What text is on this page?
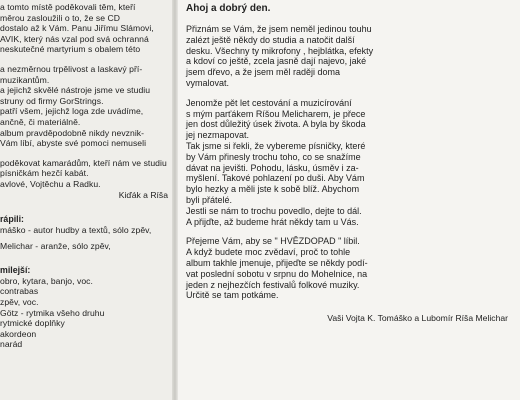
a tomto místě poděkovali těm, kteří
měrou zasloužili o to, že se CD
dostalo až k Vám. Panu Jiřímu Slámovi,
AVIK, který nás vzal pod svá ochranná
neskutečné martyrium s obalem této
a nezměrnou trpělivost a laskavý pří-
muzikantům.
a jejichž skvělé nástroje jsme ve studiu
struny od firmy GorStrings.
patří všem, jejichž loga zde uvádíme,
ančně, či materiálně.
album pravděpodobně nikdy nevznik-
Vám líbí, abyste své pomoci nemuseli
poděkovat kamarádům, kteří nám ve studiu
písničkám hezčí kabát.
avlové, Vojtěchu a Radku.
Kiďák a Ríša
rápili:
máško - autor hudby a textů, sólo zpěv,
Melichar - aranže, sólo zpěv,
milejší:
obro, kytara, banjo, voc.
contrabas
zpěv, voc.
Götz - rytmika všeho druhu
rytmické doplňky
akordeon
narád
Ahoj a dobrý den.
Přiznám se Vám, že jsem neměl jedinou touhu
zalézt ještě někdy do studia a natočit další
desku. Všechny ty mikrofony , hejblátka, efekty
a kdoví co ještě, zcela jasně dají najevo, jaké
jsem dřevo, a že jsem měl raději doma
vymalovat.
Jenomže pět let cestování a muzicírování
s mým parťákem Ríšou Melicharem, je přece
jen dost důležitý úsek života. A byla by škoda
jej nezmapovat.
Tak jsme si řekli, že vybereme písničky, které
by Vám přinesly trochu toho, co se snažíme
dávat na jevišti. Pohodu, lásku, úsměv i za-
myšlení. Takové pohlazení po duši. Aby Vám
bylo hezky a měli jste k sobě blíž. Abychom
byli přátelé.
Jestli se nám to trochu povedlo, dejte to dál.
A přijďte, až budeme hrát někdy tam u Vás.
Přejeme Vám, aby se " HVĚZDOPAD " líbil.
A když budete moc zvědaví, proč to tohle
album takhle jmenuje, přijeďte se někdy podí-
vat poslední sobotu v srpnu do Mohelnice, na
jeden z nejhezčích festivalů folkové muziky.
Určitě se tam potkáme.
Vaši Vojta K. Tomáško a Lubomír Ríša Melichar
